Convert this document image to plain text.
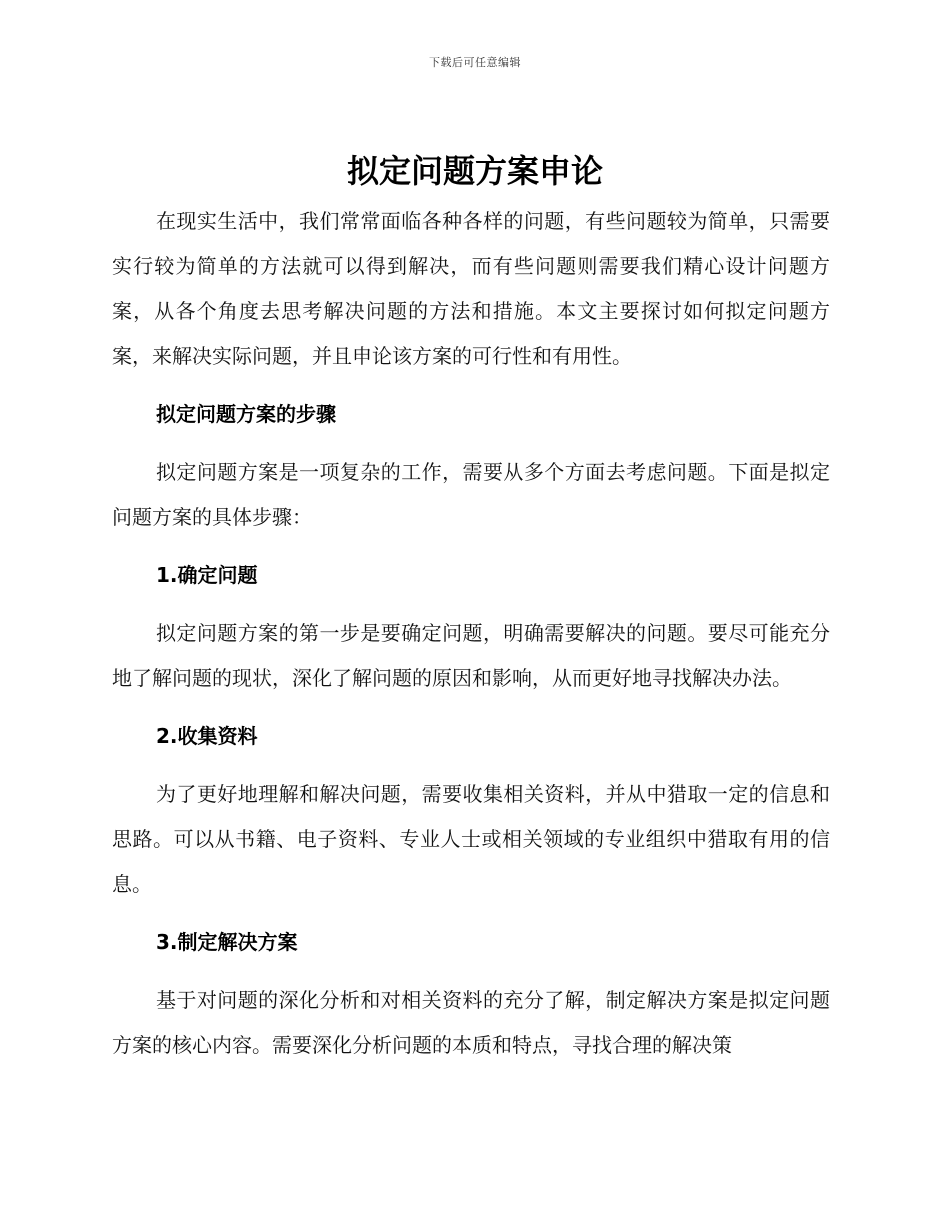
下载后可任意编辑
拟定问题方案申论

在现实生活中，我们常常面临各种各样的问题，有些问题较为简单，只需要实行较为简单的方法就可以得到解决，而有些问题则需要我们精心设计问题方案，从各个角度去思考解决问题的方法和措施。本文主要探讨如何拟定问题方案，来解决实际问题，并且申论该方案的可行性和有用性。

拟定问题方案的步骤

拟定问题方案是一项复杂的工作，需要从多个方面去考虑问题。下面是拟定问题方案的具体步骤：

1.确定问题

拟定问题方案的第一步是要确定问题，明确需要解决的问题。要尽可能充分地了解问题的现状，深化了解问题的原因和影响，从而更好地寻找解决办法。

2.收集资料

为了更好地理解和解决问题，需要收集相关资料，并从中猎取一定的信息和思路。可以从书籍、电子资料、专业人士或相关领域的专业组织中猎取有用的信息。

3.制定解决方案

基于对问题的深化分析和对相关资料的充分了解，制定解决方案是拟定问题方案的核心内容。需要深化分析问题的本质和特点，寻找合理的解决策
